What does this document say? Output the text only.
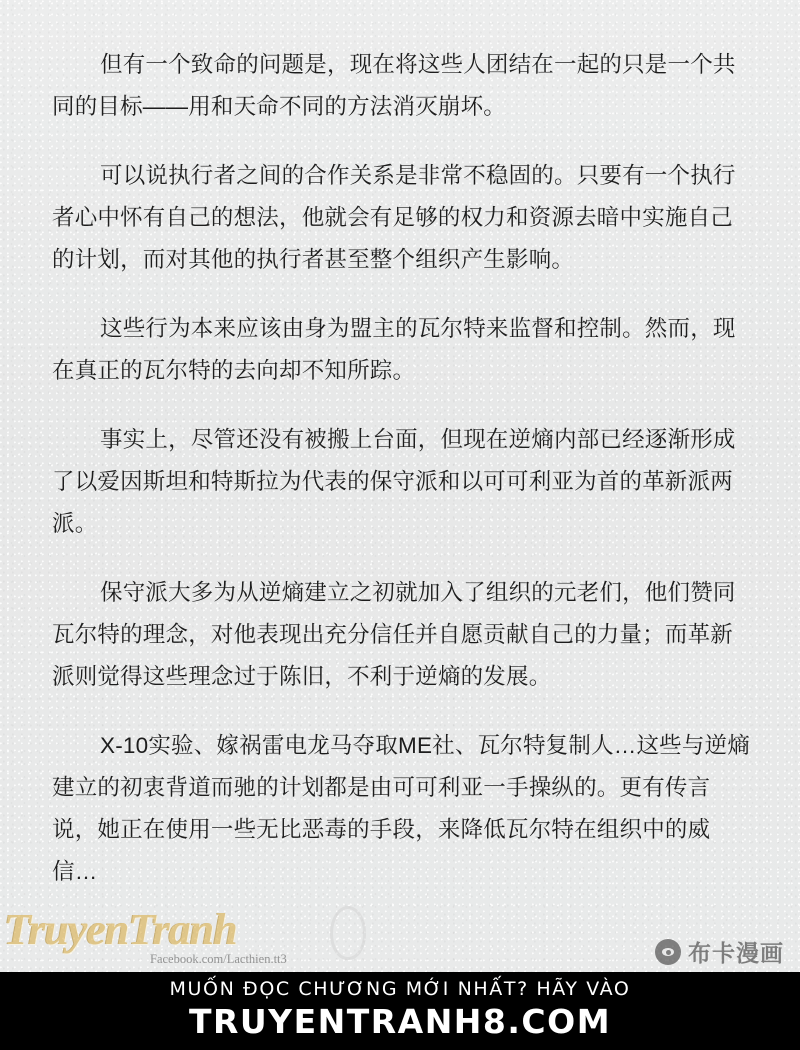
但有一个致命的问题是，现在将这些人团结在一起的只是一个共同的目标——用和天命不同的方法消灭崩坏。

可以说执行者之间的合作关系是非常不稳固的。只要有一个执行者心中怀有自己的想法，他就会有足够的权力和资源去暗中实施自己的计划，而对其他的执行者甚至整个组织产生影响。

这些行为本来应该由身为盟主的瓦尔特来监督和控制。然而，现在真正的瓦尔特的去向却不知所踪。

事实上，尽管还没有被搬上台面，但现在逆熵内部已经逐渐形成了以爱因斯坦和特斯拉为代表的保守派和以可可利亚为首的革新派两派。

保守派大多为从逆熵建立之初就加入了组织的元老们，他们赞同瓦尔特的理念，对他表现出充分信任并自愿贡献自己的力量；而革新派则觉得这些理念过于陈旧，不利于逆熵的发展。

X-10实验、嫁祸雷电龙马夺取ME社、瓦尔特复制人…这些与逆熵建立的初衷背道而驰的计划都是由可可利亚一手操纵的。更有传言说，她正在使用一些无比恶毒的手段，来降低瓦尔特在组织中的威信…

TruyenTranh
Facebook.com/Lacthien.tt3	布卡漫画
MUỐN ĐỌC CHƯƠNG MỚI NHẤT? HÃY VÀO
TRUYENTRANH8.COM
